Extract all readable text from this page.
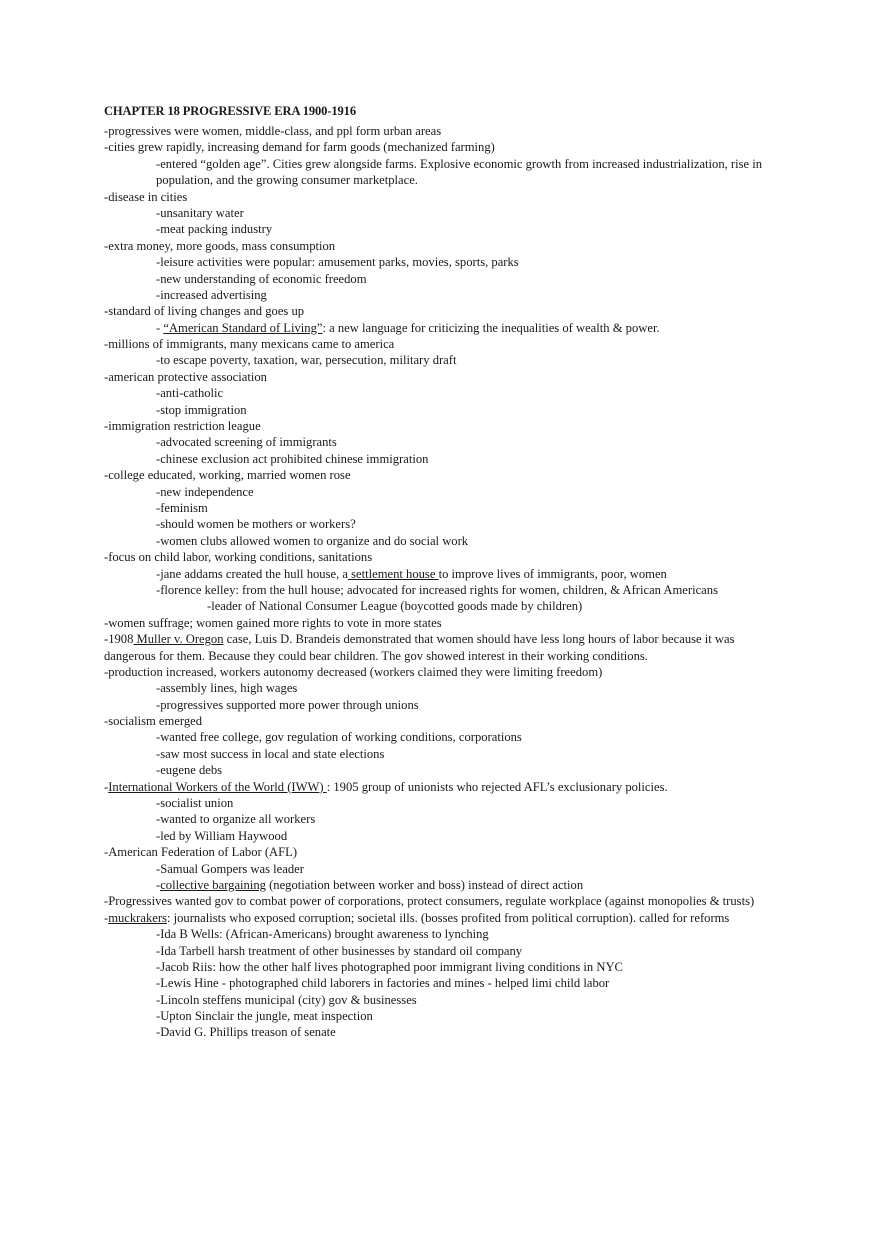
CHAPTER 18 PROGRESSIVE ERA 1900-1916
-progressives were women, middle-class, and ppl form urban areas
-cities grew rapidly, increasing demand for farm goods (mechanized farming)
-entered “golden age”. Cities grew alongside farms. Explosive economic growth from increased industrialization, rise in
population, and the growing consumer marketplace.
-disease in cities
-unsanitary water
-meat packing industry
-extra money, more goods, mass consumption
-leisure activities were popular: amusement parks, movies, sports, parks
-new understanding of economic freedom
-increased advertising
-standard of living changes and goes up
- “American Standard of Living”: a new language for criticizing the inequalities of wealth & power.
-millions of immigrants, many mexicans came to america
-to escape poverty, taxation, war, persecution, military draft
-american protective association
-anti-catholic
-stop immigration
-immigration restriction league
-advocated screening of immigrants
-chinese exclusion act prohibited chinese immigration
-college educated, working, married women rose
-new independence
-feminism
-should women be mothers or workers?
-women clubs allowed women to organize and do social work
-focus on child labor, working conditions, sanitations
-jane addams created the hull house, a settlement house to improve lives of immigrants, poor, women
-florence kelley: from the hull house; advocated for increased rights for women, children, & African Americans
-leader of National Consumer League (boycotted goods made by children)
-women suffrage; women gained more rights to vote in more states
-1908 Muller v. Oregon case, Luis D. Brandeis demonstrated that women should have less long hours of labor because it was
dangerous for them. Because they could bear children. The gov showed interest in their working conditions.
-production increased, workers autonomy decreased (workers claimed they were limiting freedom)
-assembly lines, high wages
-progressives supported more power through unions
-socialism emerged
-wanted free college, gov regulation of working conditions, corporations
-saw most success in local and state elections
-eugene debs
-International Workers of the World (IWW) : 1905 group of unionists who rejected AFL’s exclusionary policies.
-socialist union
-wanted to organize all workers
-led by William Haywood
-American Federation of Labor (AFL)
-Samual Gompers was leader
-collective bargaining (negotiation between worker and boss) instead of direct action
-Progressives wanted gov to combat power of corporations, protect consumers, regulate workplace (against monopolies & trusts)
-muckrakers: journalists who exposed corruption; societal ills. (bosses profited from political corruption). called for reforms
-Ida B Wells: (African-Americans) brought awareness to lynching
-Ida Tarbell harsh treatment of other businesses by standard oil company
-Jacob Riis: how the other half lives photographed poor immigrant living conditions in NYC
-Lewis Hine - photographed child laborers in factories and mines - helped limi child labor
-Lincoln steffens municipal (city) gov & businesses
-Upton Sinclair the jungle, meat inspection
-David G. Phillips treason of senate
